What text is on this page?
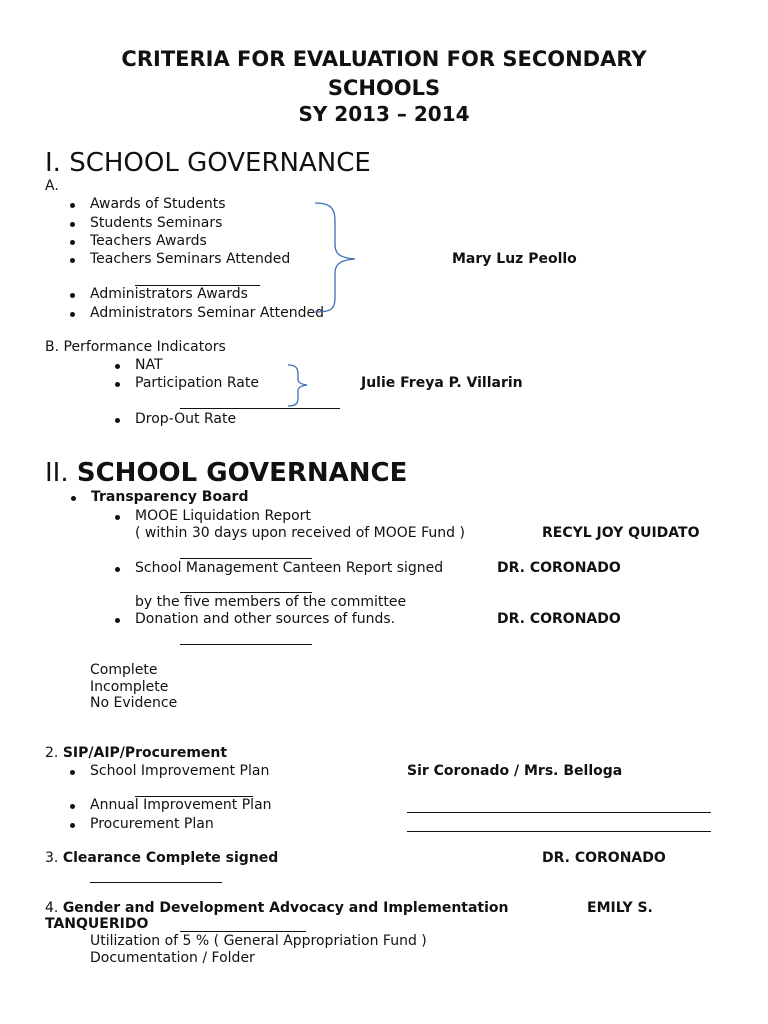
CRITERIA FOR EVALUATION FOR SECONDARY
SCHOOLS
SY 2013 – 2014
I. SCHOOL GOVERNANCE
A.
Awards of Students
Students Seminars
Teachers Awards
Teachers Seminars Attended
Administrators Awards
Administrators Seminar Attended
Mary Luz Peollo
B. Performance Indicators
NAT
Participation Rate
Drop-Out Rate
Julie Freya P. Villarin
II. SCHOOL GOVERNANCE
Transparency Board
MOOE Liquidation Report
( within 30 days upon received of MOOE Fund )	RECYL JOY QUIDATO
School Management Canteen Report signed	DR. CORONADO
by the five members of the committee
Donation and other sources of funds.	DR. CORONADO
Complete
Incomplete
No Evidence
2. SIP/AIP/Procurement
School Improvement Plan	Sir Coronado / Mrs. Belloga
Annual Improvement Plan
Procurement Plan
3. Clearance Complete signed	DR. CORONADO
4. Gender and Development Advocacy and Implementation	EMILY S.
TANQUERIDO
Utilization of 5 % ( General Appropriation Fund )
Documentation / Folder
